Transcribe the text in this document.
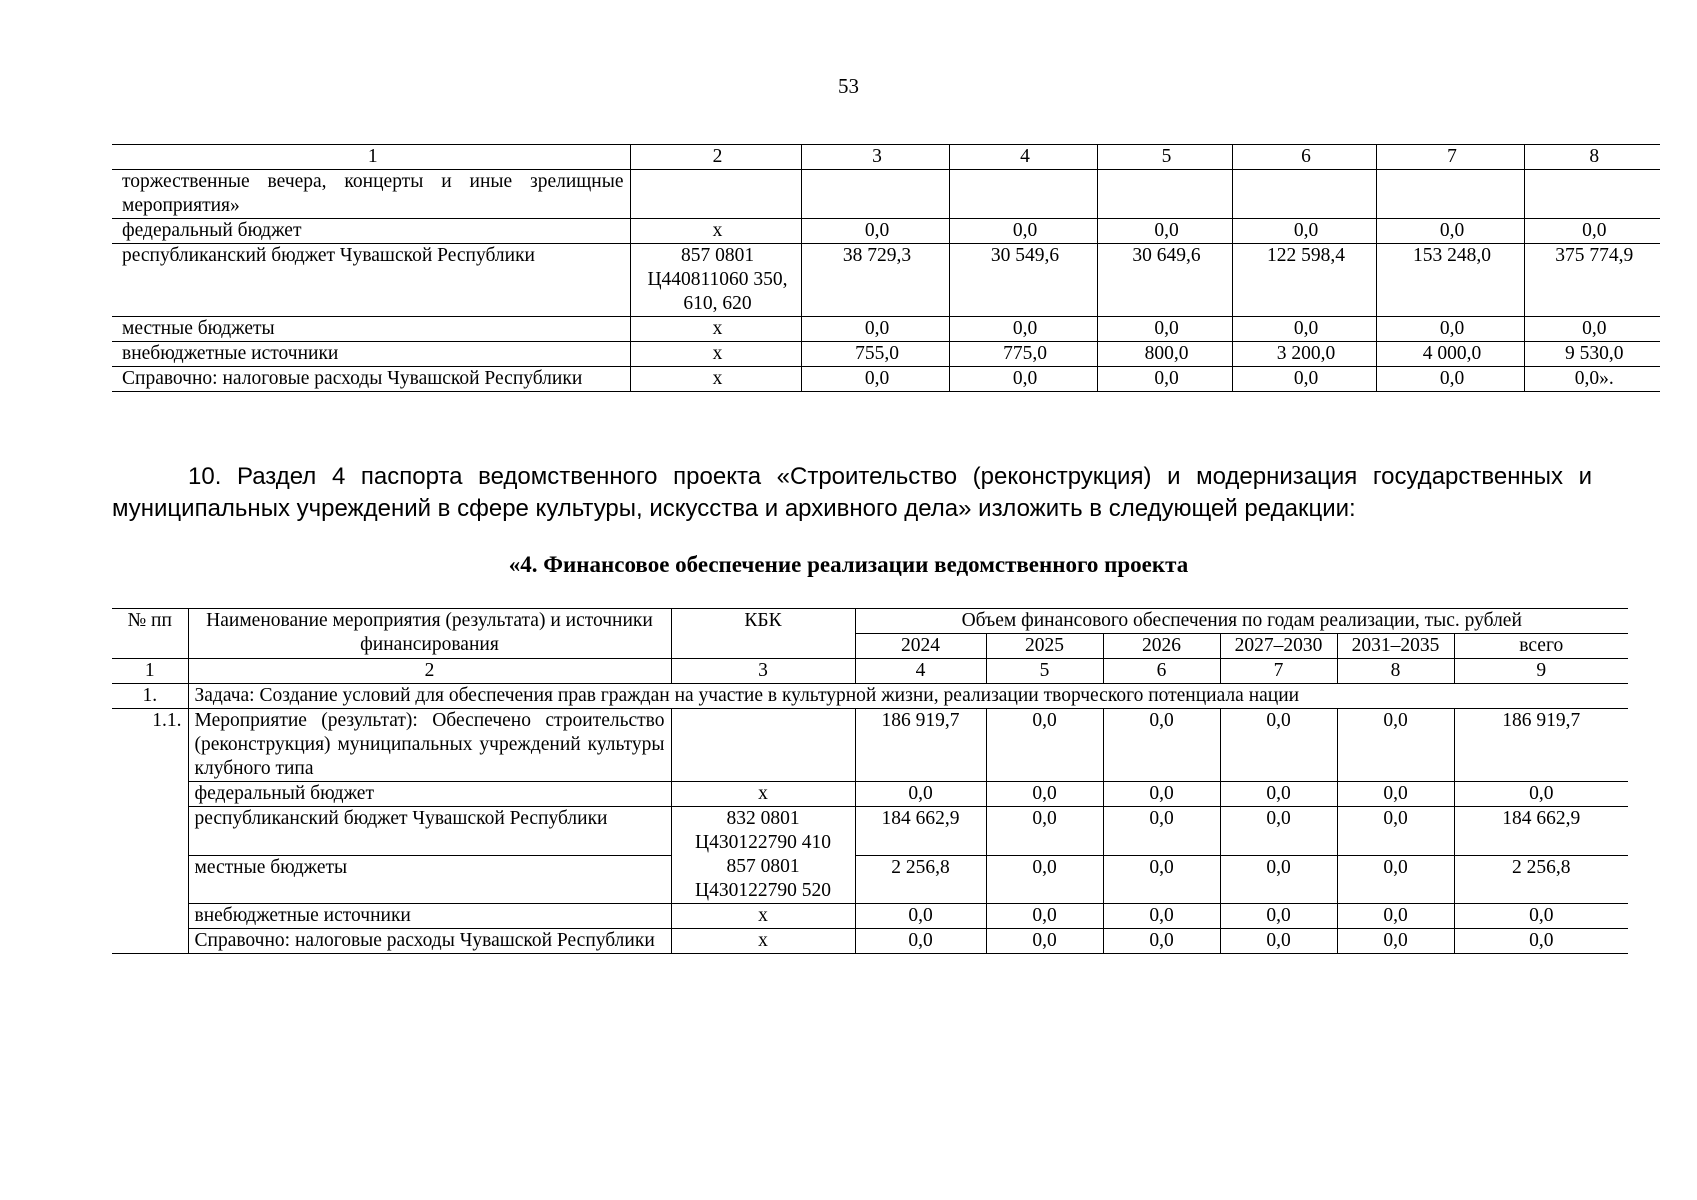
53
1	2	3	4	5	6	7	8
торжественные вечера, концерты и иные зрелищные мероприятия»							
федеральный бюджет	х	0,0	0,0	0,0	0,0	0,0	0,0
республиканский бюджет Чувашской Республики	857 0801 Ц440811060 350, 610, 620	38 729,3	30 549,6	30 649,6	122 598,4	153 248,0	375 774,9
местные бюджеты	х	0,0	0,0	0,0	0,0	0,0	0,0
внебюджетные источники	х	755,0	775,0	800,0	3 200,0	4 000,0	9 530,0
Справочно: налоговые расходы Чувашской Республики	х	0,0	0,0	0,0	0,0	0,0	0,0».
10. Раздел 4 паспорта ведомственного проекта «Строительство (реконструкция) и модернизация государственных и муниципальных учреждений в сфере культуры, искусства и архивного дела» изложить в следующей редакции:
«4. Финансовое обеспечение реализации ведомственного проекта
№ пп	Наименование мероприятия (результата) и источники финансирования	КБК	Объем финансового обеспечения по годам реализации, тыс. рублей					
			2024	2025	2026	2027–2030	2031–2035	всего
1	2	3	4	5	6	7	8	9
1.	Задача: Создание условий для обеспечения прав граждан на участие в культурной жизни, реализации творческого потенциала нации							
1.1.	Мероприятие (результат): Обеспечено строительство (реконструкция) муниципальных учреждений культуры клубного типа		186 919,7	0,0	0,0	0,0	0,0	186 919,7
	федеральный бюджет	х	0,0	0,0	0,0	0,0	0,0	0,0
	республиканский бюджет Чувашской Республики	832 0801 Ц430122790 410	184 662,9	0,0	0,0	0,0	0,0	184 662,9
	местные бюджеты	857 0801 Ц430122790 520	2 256,8	0,0	0,0	0,0	0,0	2 256,8
	внебюджетные источники	х	0,0	0,0	0,0	0,0	0,0	0,0
	Справочно: налоговые расходы Чувашской Республики	х	0,0	0,0	0,0	0,0	0,0	0,0
